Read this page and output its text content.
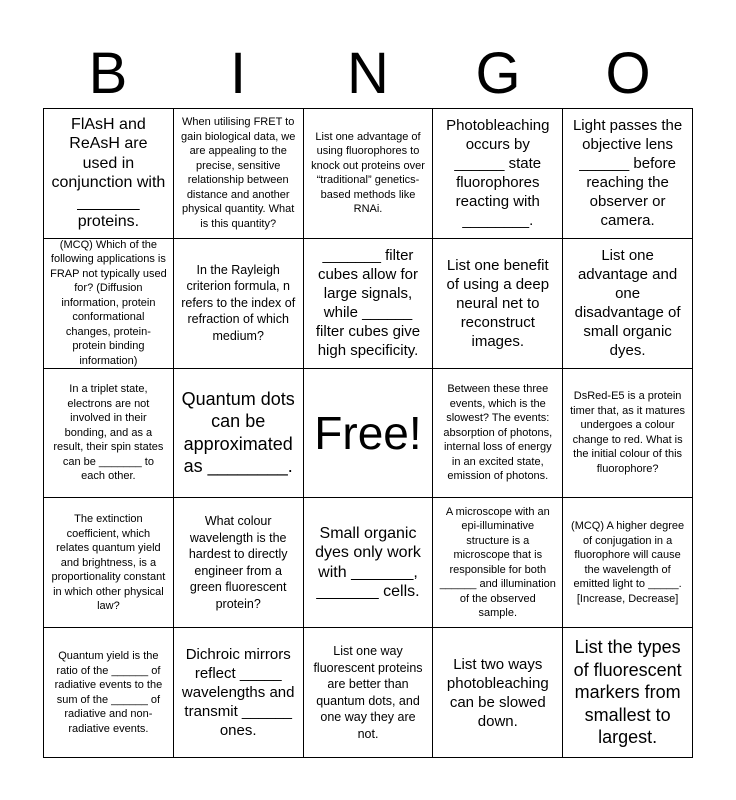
B	I	N	G	O
FlAsH and ReAsH are used in conjunction with _______ proteins.
When utilising FRET to gain biological data, we are appealing to the precise, sensitive relationship between distance and another physical quantity. What is this quantity?
List one advantage of using fluorophores to knock out proteins over “traditional” genetics-based methods like RNAi.
Photobleaching occurs by ______ state fluorophores reacting with ________.
Light passes the objective lens ______ before reaching the observer or camera.
(MCQ) Which of the following applications is FRAP not typically used for? (Diffusion information, protein conformational changes, protein-protein binding information)
In the Rayleigh criterion formula, n refers to the index of refraction of which medium?
_______ filter cubes allow for large signals, while ______ filter cubes give high specificity.
List one benefit of using a deep neural net to reconstruct images.
List one advantage and one disadvantage of small organic dyes.
In a triplet state, electrons are not involved in their bonding, and as a result, their spin states can be _______ to each other.
Quantum dots can be approximated as ________.
Free!
Between these three events, which is the slowest? The events: absorption of photons, internal loss of energy in an excited state, emission of photons.
DsRed-E5 is a protein timer that, as it matures undergoes a colour change to red. What is the initial colour of this fluorophore?
The extinction coefficient, which relates quantum yield and brightness, is a proportionality constant in which other physical law?
What colour wavelength is the hardest to directly engineer from a green fluorescent protein?
Small organic dyes only work with _______, _______ cells.
A microscope with an epi-illuminative structure is a microscope that is responsible for both ______ and illumination of the observed sample.
(MCQ) A higher degree of conjugation in a fluorophore will cause the wavelength of emitted light to _____. [Increase, Decrease]
Quantum yield is the ratio of the ______ of radiative events to the sum of the ______ of radiative and non-radiative events.
Dichroic mirrors reflect _____ wavelengths and transmit ______ ones.
List one way fluorescent proteins are better than quantum dots, and one way they are not.
List two ways photobleaching can be slowed down.
List the types of fluorescent markers from smallest to largest.
